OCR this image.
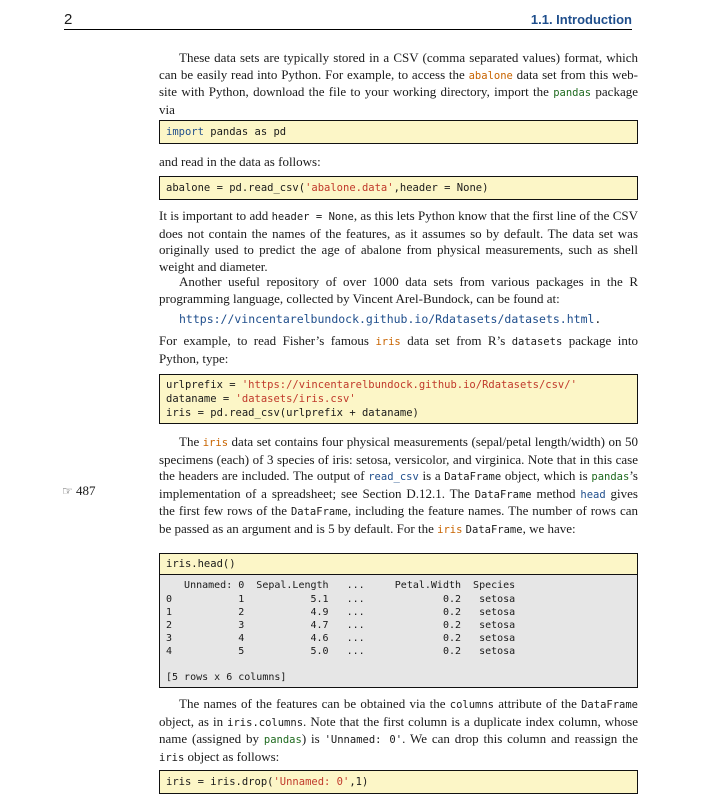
2	1.1. Introduction

These data sets are typically stored in a CSV (comma separated values) format, which can be easily read into Python. For example, to access the abalone data set from this web-site with Python, download the file to your working directory, import the pandas package via

import pandas as pd

and read in the data as follows:

abalone = pd.read_csv('abalone.data',header = None)

It is important to add header = None, as this lets Python know that the first line of the CSV does not contain the names of the features, as it assumes so by default. The data set was originally used to predict the age of abalone from physical measurements, such as shell weight and diameter.

Another useful repository of over 1000 data sets from various packages in the R programming language, collected by Vincent Arel-Bundock, can be found at:

https://vincentarelbundock.github.io/Rdatasets/datasets.html.

For example, to read Fisher’s famous iris data set from R’s datasets package into Python, type:

urlprefix = 'https://vincentarelbundock.github.io/Rdatasets/csv/'
dataname = 'datasets/iris.csv'
iris = pd.read_csv(urlprefix + dataname)
☞ 487

The iris data set contains four physical measurements (sepal/petal length/width) on 50 specimens (each) of 3 species of iris: setosa, versicolor, and virginica. Note that in this case the headers are included. The output of read_csv is a DataFrame object, which is pandas’s implementation of a spreadsheet; see Section D.12.1. The DataFrame method head gives the first few rows of the DataFrame, including the feature names. The number of rows can be passed as an argument and is 5 by default. For the iris DataFrame, we have:

iris.head()
Unnamed: 0  Sepal.Length   ...     Petal.Width  Species
0           1           5.1   ...             0.2   setosa
1           2           4.9   ...             0.2   setosa
2           3           4.7   ...             0.2   setosa
3           4           4.6   ...             0.2   setosa
4           5           5.0   ...             0.2   setosa
[5 rows x 6 columns]

The names of the features can be obtained via the columns attribute of the DataFrame object, as in iris.columns. Note that the first column is a duplicate index column, whose name (assigned by pandas) is 'Unnamed: 0'. We can drop this column and reassign the iris object as follows:

iris = iris.drop('Unnamed: 0',1)
